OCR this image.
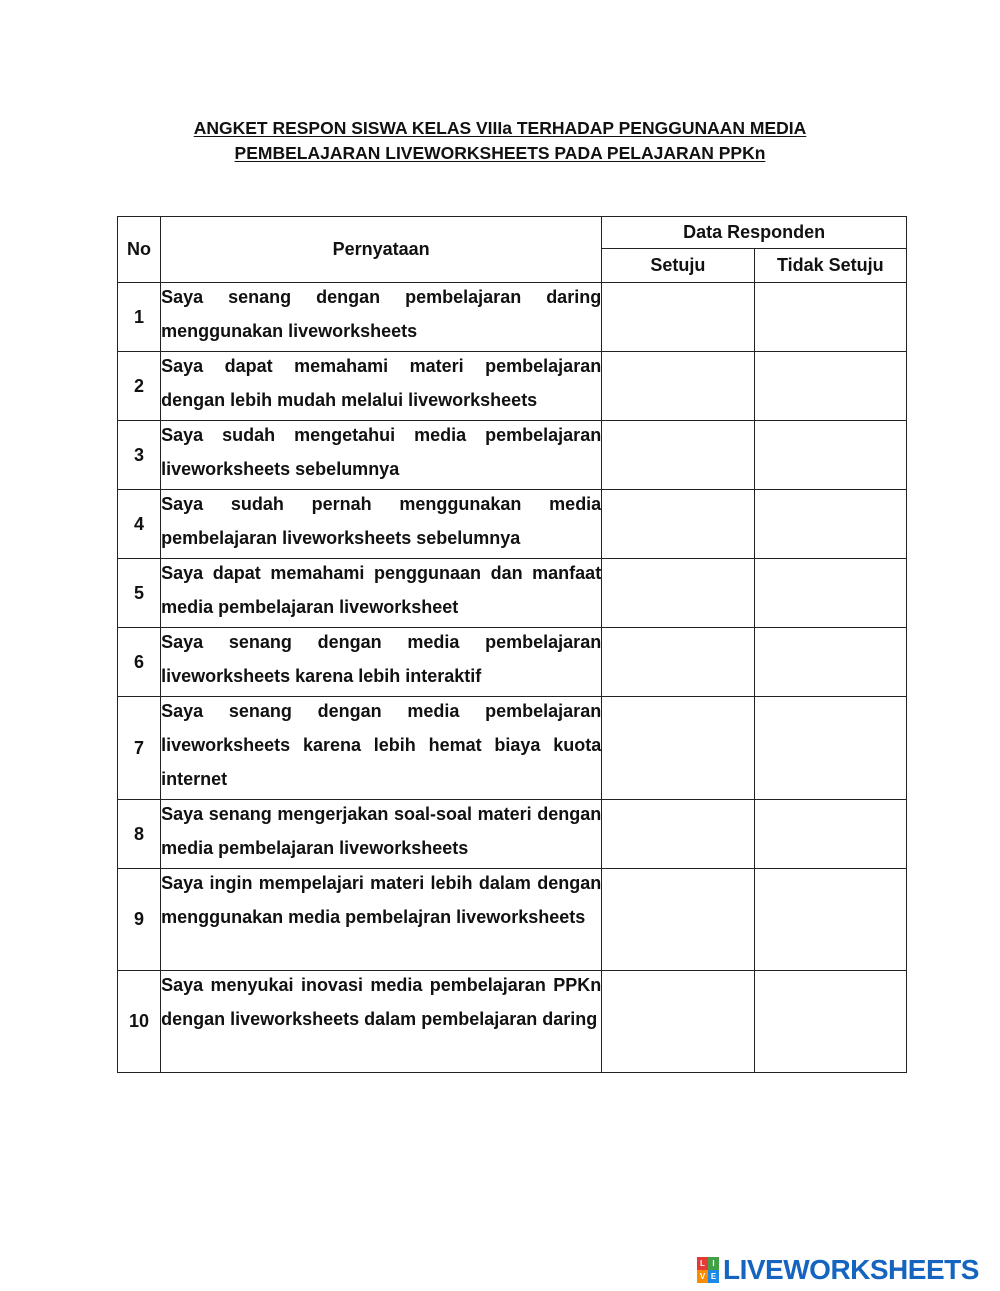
ANGKET RESPON SISWA KELAS VIIIa TERHADAP PENGGUNAAN MEDIA
PEMBELAJARAN LIVEWORKSHEETS PADA PELAJARAN PPKn
No	Pernyataan	Data Responden	
		Setuju	Tidak Setuju
1	Saya senang dengan pembelajaran daring menggunakan liveworksheets		

2	Saya dapat memahami materi pembelajaran dengan lebih mudah melalui liveworksheets		

3	Saya sudah mengetahui media pembelajaran liveworksheets sebelumnya		

4	Saya sudah pernah menggunakan media pembelajaran liveworksheets sebelumnya		

5	Saya dapat memahami penggunaan dan manfaat media pembelajaran liveworksheet		

6	Saya senang dengan media pembelajaran liveworksheets karena lebih interaktif		

7	Saya senang dengan media pembelajaran liveworksheets karena lebih hemat biaya kuota internet		

8	Saya senang mengerjakan soal-soal materi dengan media pembelajaran liveworksheets		

9	Saya ingin mempelajari materi lebih dalam dengan menggunakan media pembelajran liveworksheets		

10	Saya menyukai inovasi media pembelajaran PPKn dengan liveworksheets dalam pembelajaran daring		

L I
V E LIVEWORKSHEETS
